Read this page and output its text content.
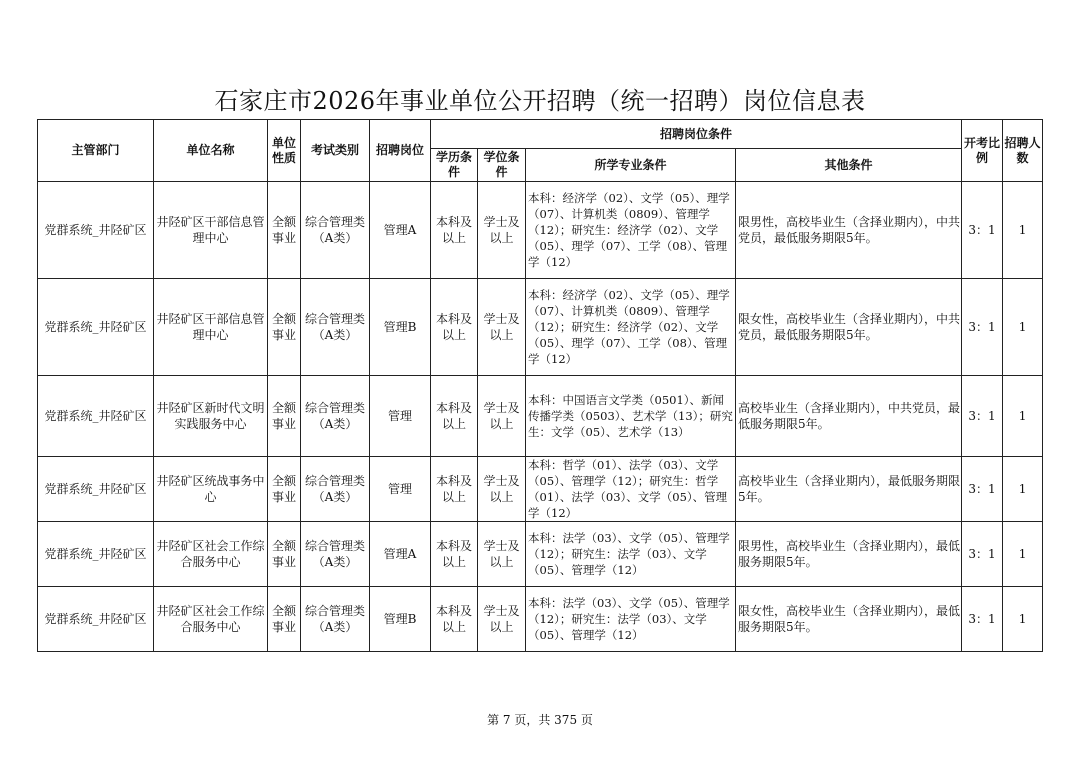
石家庄市2026年事业单位公开招聘（统一招聘）岗位信息表
主管部门	单位名称	单位性质	考试类别	招聘岗位	招聘岗位条件				开考比例	招聘人数
					学历条件	学位条件	所学专业条件	其他条件		
党群系统_井陉矿区	井陉矿区干部信息管理中心	全额事业	综合管理类（A类）	管理A	本科及以上	学士及以上	本科：经济学（02）、文学（05）、理学（07）、计算机类（0809）、管理学（12）；研究生：经济学（02）、文学（05）、理学（07）、工学（08）、管理学（12）	限男性，高校毕业生（含择业期内），中共党员，最低服务期限5年。	3：1	1
党群系统_井陉矿区	井陉矿区干部信息管理中心	全额事业	综合管理类（A类）	管理B	本科及以上	学士及以上	本科：经济学（02）、文学（05）、理学（07）、计算机类（0809）、管理学（12）；研究生：经济学（02）、文学（05）、理学（07）、工学（08）、管理学（12）	限女性，高校毕业生（含择业期内），中共党员，最低服务期限5年。	3：1	1
党群系统_井陉矿区	井陉矿区新时代文明实践服务中心	全额事业	综合管理类（A类）	管理	本科及以上	学士及以上	本科：中国语言文学类（0501）、新闻传播学类（0503）、艺术学（13）；研究生：文学（05）、艺术学（13）	高校毕业生（含择业期内），中共党员，最低服务期限5年。	3：1	1
党群系统_井陉矿区	井陉矿区统战事务中心	全额事业	综合管理类（A类）	管理	本科及以上	学士及以上	本科：哲学（01）、法学（03）、文学（05）、管理学（12）；研究生：哲学（01）、法学（03）、文学（05）、管理学（12）	高校毕业生（含择业期内），最低服务期限5年。	3：1	1
党群系统_井陉矿区	井陉矿区社会工作综合服务中心	全额事业	综合管理类（A类）	管理A	本科及以上	学士及以上	本科：法学（03）、文学（05）、管理学（12）；研究生：法学（03）、文学（05）、管理学（12）	限男性，高校毕业生（含择业期内），最低服务期限5年。	3：1	1
党群系统_井陉矿区	井陉矿区社会工作综合服务中心	全额事业	综合管理类（A类）	管理B	本科及以上	学士及以上	本科：法学（03）、文学（05）、管理学（12）；研究生：法学（03）、文学（05）、管理学（12）	限女性，高校毕业生（含择业期内），最低服务期限5年。	3：1	1
第 7 页，共 375 页
